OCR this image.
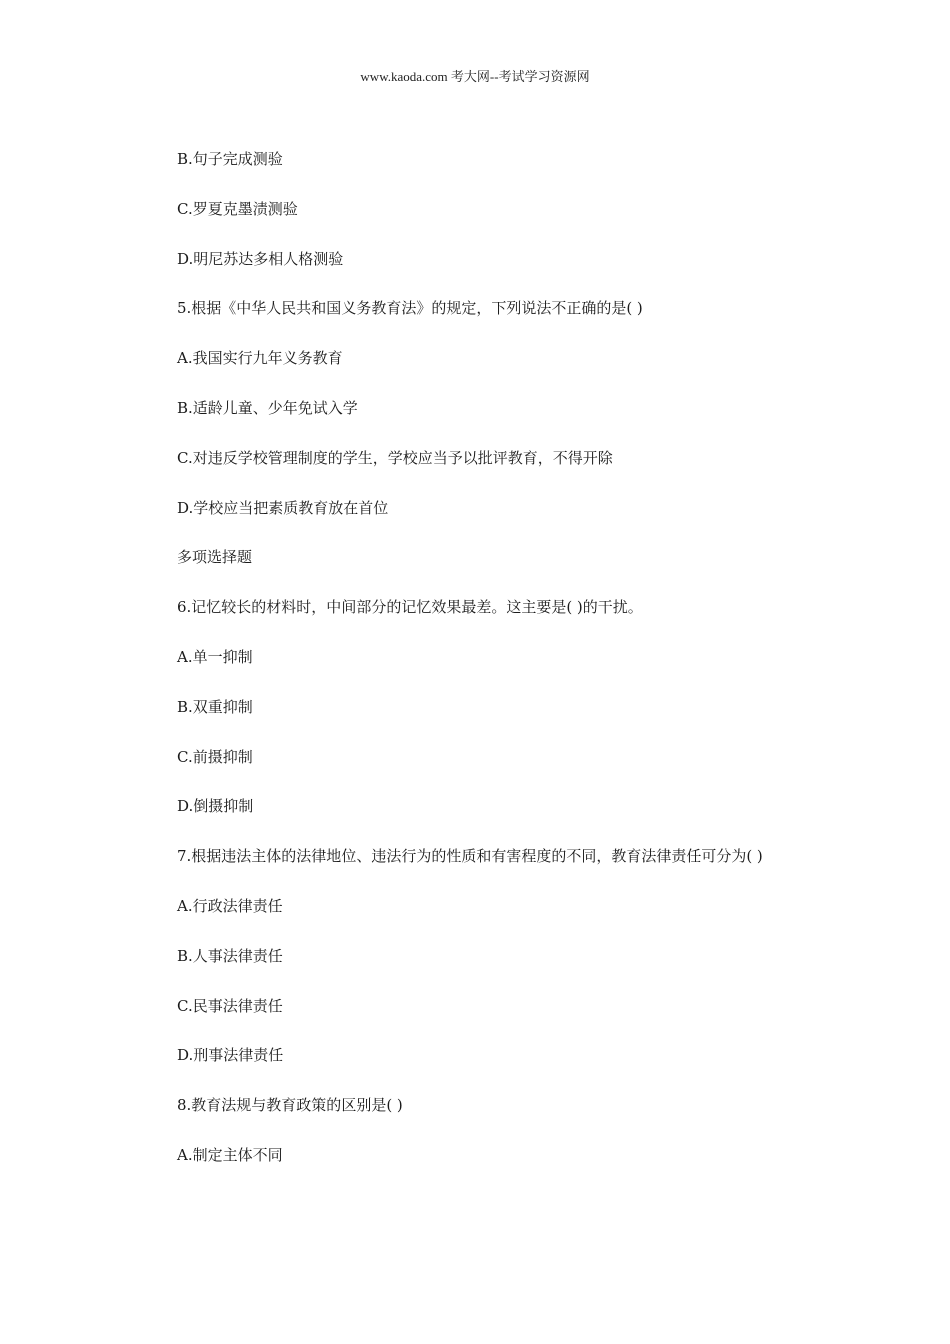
www.kaoda.com 考大网--考试学习资源网
B.句子完成测验
C.罗夏克墨渍测验
D.明尼苏达多相人格测验
5.根据《中华人民共和国义务教育法》的规定，下列说法不正确的是( )
A.我国实行九年义务教育
B.适龄儿童、少年免试入学
C.对违反学校管理制度的学生，学校应当予以批评教育，不得开除
D.学校应当把素质教育放在首位
多项选择题
6.记忆较长的材料时，中间部分的记忆效果最差。这主要是( )的干扰。
A.单一抑制
B.双重抑制
C.前摄抑制
D.倒摄抑制
7.根据违法主体的法律地位、违法行为的性质和有害程度的不同，教育法律责任可分为( )
A.行政法律责任
B.人事法律责任
C.民事法律责任
D.刑事法律责任
8.教育法规与教育政策的区别是( )
A.制定主体不同
